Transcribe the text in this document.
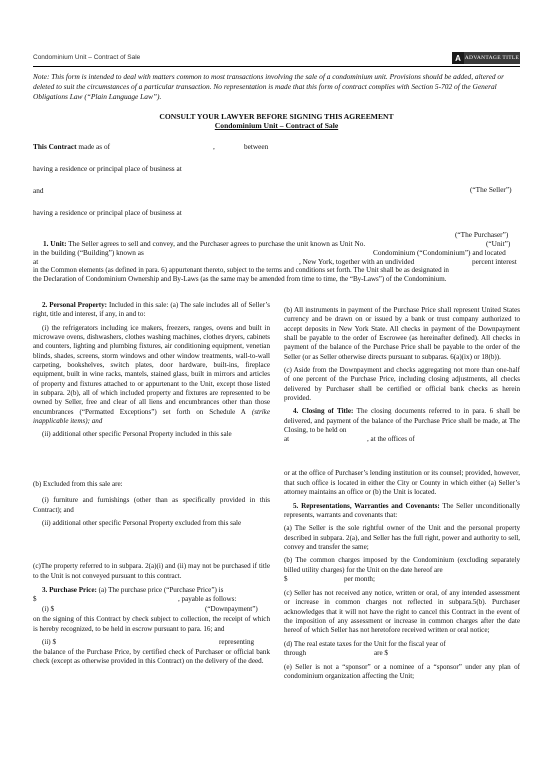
Condominium Unit – Contract of Sale	A ADVANTAGE TITLE
Note: This form is intended to deal with matters common to most transactions involving the sale of a condominium unit. Provisions should be added, altered or deleted to suit the circumstances of a particular transaction. No representation is made that this form of contract complies with Section 5-702 of the General Obligations Law (“Plain Language Law”).
CONSULT YOUR LAWYER BEFORE SIGNING THIS AGREEMENT
Condominium Unit – Contract of Sale
This Contract made as of	,	between
having a residence or principal place of business at
(“The Seller”)
and
having a residence or principal place of business at
(“The Purchaser”)
1. Unit: The Seller agrees to sell and convey, and the Purchaser agrees to purchase the unit known as Unit No.	(“Unit”)
in the building (“Building”) known as	Condominium (“Condominium”) and located
at	, New York, together with an undivided	percent interest
in the Common elements (as defined in para. 6) appurtenant thereto, subject to the terms and conditions set forth. The Unit shall be as designated in
the Declaration of Condominium Ownership and By-Laws (as the same may be amended from time to time, the “By-Laws”) of the Condominium.

2. Personal Property: Included in this sale: (a) The sale includes all of Seller’s right, title and interest, if any, in and to:

(i) the refrigerators including ice makers, freezers, ranges, ovens and built in microwave ovens, dishwashers, clothes washing machines, clothes dryers, cabinets and counters, lighting and plumbing fixtures, air conditioning equipment, venetian blinds, shades, screens, storm windows and other window treatments, wall-to-wall carpeting, bookshelves, switch plates, door hardware, built-ins, fireplace equipment, built in wine racks, mantels, stained glass, built in mirrors and articles of property and fixtures attached to or appurtenant to the Unit, except those listed in subpara. 2(b), all of which included property and fixtures are represented to be owned by Seller, free and clear of all liens and encumbrances other than those encumbrances (“Permatted Exceptions”) set forth on Schedule A (strike inapplicable items); and

(ii) additional other specific Personal Property included in this sale

(b) Excluded from this sale are:

(i) furniture and furnishings (other than as specifically provided in this Contract); and

(ii) additional other specific Personal Property excluded from this sale

(c)The property referred to in subpara. 2(a)(i) and (ii) may not be purchased if title to the Unit is not conveyed pursuant to this contract.

3. Purchase Price: (a) The purchase price (“Purchase Price”) is

$	, payable as follows:
(i) $	(“Downpayment”)

on the signing of this Contract by check subject to collection, the receipt of which is hereby recognized, to be held in escrow pursuant to para. 16; and

(ii) $	representing

the balance of the Purchase Price, by certified check of Purchaser or official bank check (except as otherwise provided in this Contract) on the delivery of the deed.

(b) All instruments in payment of the Purchase Price shall represent United States currency and be drawn on or issued by a bank or trust company authorized to accept deposits in New York State. All checks in payment of the Downpayment shall be payable to the order of Escrowee (as hereinafter defined). All checks in payment of the balance of the Purchase Price shall be payable to the order of the Seller (or as Seller otherwise directs pursuant to subparas. 6(a)(ix) or 18(b)).

(c) Aside from the Downpayment and checks aggregating not more than one-half of one percent of the Purchase Price, including closing adjustments, all checks delivered by Purchaser shall be certified or official bank checks as herein provided.

4. Closing of Title: The closing documents referred to in para. 6 shall be delivered, and payment of the balance of the Purchase Price shall be made, at The Closing, to be held on

at	, at the offices of

or at the office of Purchaser’s lending institution or its counsel; provided, however, that such office is located in either the City or County in which either (a) Seller’s attorney maintains an office or (b) the Unit is located.

5. Representations, Warranties and Covenants: The Seller unconditionally represents, warrants and covenants that:

(a) The Seller is the sole rightful owner of the Unit and the personal property described in subpara. 2(a), and Seller has the full right, power and authority to sell, convey and transfer the same;

(b) The common charges imposed by the Condominium (excluding separately billed utility charges) for the Unit on the date hereof are

$	per month;

(c) Seller has not received any notice, written or oral, of any intended assessment or increase in common charges not reflected in subpara.5(b). Purchaser acknowledges that it will not have the right to cancel this Contract in the event of the imposition of any assessment or increase in common charges after the date hereof of which Seller has not heretofore received written or oral notice;

(d) The real estate taxes for the Unit for the fiscal year of

through	are $

(e) Seller is not a “sponsor” or a nominee of a “sponsor” under any plan of condominium organization affecting the Unit;
